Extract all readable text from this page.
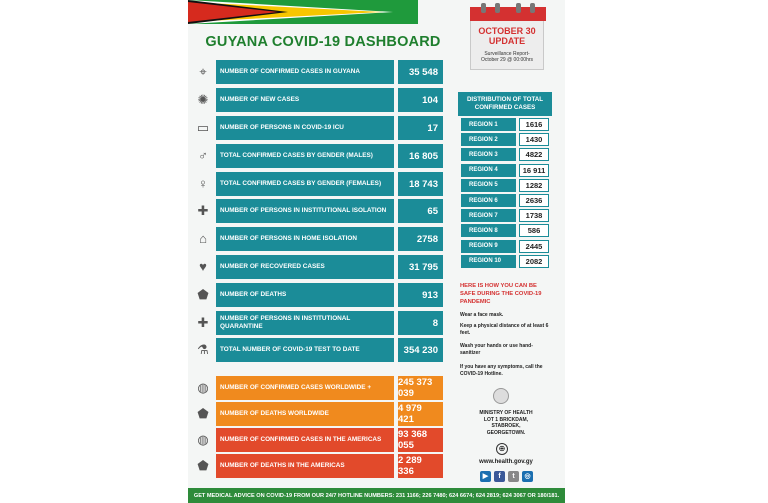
GUYANA COVID-19 DASHBOARD
⌖	NUMBER OF CONFIRMED CASES IN GUYANA	35 548
✺	NUMBER OF NEW CASES	104
▭	NUMBER OF PERSONS IN COVID-19 ICU	17
♂	TOTAL CONFIRMED CASES BY GENDER (MALES)	16 805
♀	TOTAL CONFIRMED CASES BY GENDER (FEMALES)	18 743
✚	NUMBER OF PERSONS IN INSTITUTIONAL ISOLATION	65
⌂	NUMBER OF PERSONS IN HOME ISOLATION	2758
♥	NUMBER OF RECOVERED CASES	31 795
⬟	NUMBER OF DEATHS	913
✚	NUMBER OF PERSONS IN INSTITUTIONAL QUARANTINE	8
⚗	TOTAL NUMBER OF COVID-19 TEST TO DATE	354 230
◍	NUMBER OF CONFIRMED CASES WORLDWIDE +	245 373 039
⬟	NUMBER OF DEATHS WORLDWIDE	4 979 421
◍	NUMBER OF CONFIRMED CASES IN THE AMERICAS	93 368 055
⬟	NUMBER OF DEATHS IN THE AMERICAS	2 289 336
OCTOBER 30
UPDATE
Surveillance Report-
October 29 @ 00:00hrs
DISTRIBUTION OF TOTAL CONFIRMED CASES
REGION 1	1616
REGION 2	1430
REGION 3	4822
REGION 4	16 911
REGION 5	1282
REGION 6	2636
REGION 7	1738
REGION 8	586
REGION 9	2445
REGION 10	2082
HERE IS HOW YOU CAN BE SAFE DURING THE COVID-19 PANDEMIC
Wear a face mask.
Keep a physical distance of at least 6 feet.
Wash your hands or use hand-sanitizer
If you have any symptoms, call the COVID-19 Hotline.
MINISTRY OF HEALTH
LOT 1 BRICKDAM,
STABROEK,
GEORGETOWN.
⊕
www.health.gov.gy
▶	f	t	◎
GET MEDICAL ADVICE ON COVID-19 FROM OUR 24/7 HOTLINE NUMBERS: 231 1166; 226 7480; 624 6674; 624 2819; 624 3067 OR 180/181.
